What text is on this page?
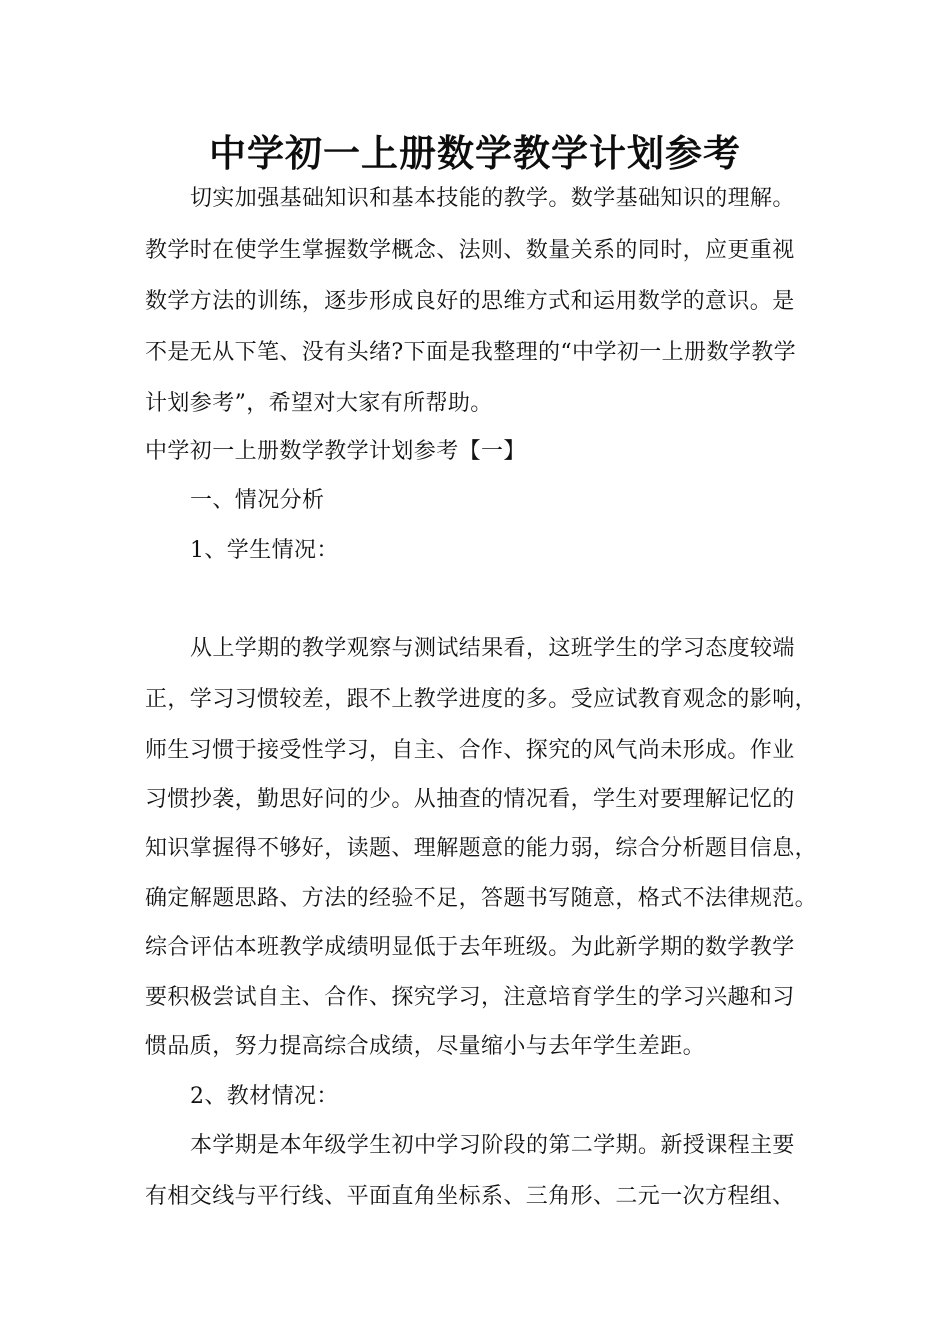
中学初一上册数学教学计划参考
切实加强基础知识和基本技能的教学。数学基础知识的理解。
教学时在使学生掌握数学概念、法则、数量关系的同时，应更重视
数学方法的训练，逐步形成良好的思维方式和运用数学的意识。是
不是无从下笔、没有头绪?下面是我整理的“中学初一上册数学教学
计划参考”，希望对大家有所帮助。
中学初一上册数学教学计划参考【一】
一、情况分析
1、学生情况：
从上学期的教学观察与测试结果看，这班学生的学习态度较端
正，学习习惯较差，跟不上教学进度的多。受应试教育观念的影响，
师生习惯于接受性学习，自主、合作、探究的风气尚未形成。作业
习惯抄袭，勤思好问的少。从抽查的情况看，学生对要理解记忆的
知识掌握得不够好，读题、理解题意的能力弱，综合分析题目信息，
确定解题思路、方法的经验不足，答题书写随意，格式不法律规范。
综合评估本班教学成绩明显低于去年班级。为此新学期的数学教学
要积极尝试自主、合作、探究学习，注意培育学生的学习兴趣和习
惯品质，努力提高综合成绩，尽量缩小与去年学生差距。
2、教材情况：
本学期是本年级学生初中学习阶段的第二学期。新授课程主要
有相交线与平行线、平面直角坐标系、三角形、二元一次方程组、
